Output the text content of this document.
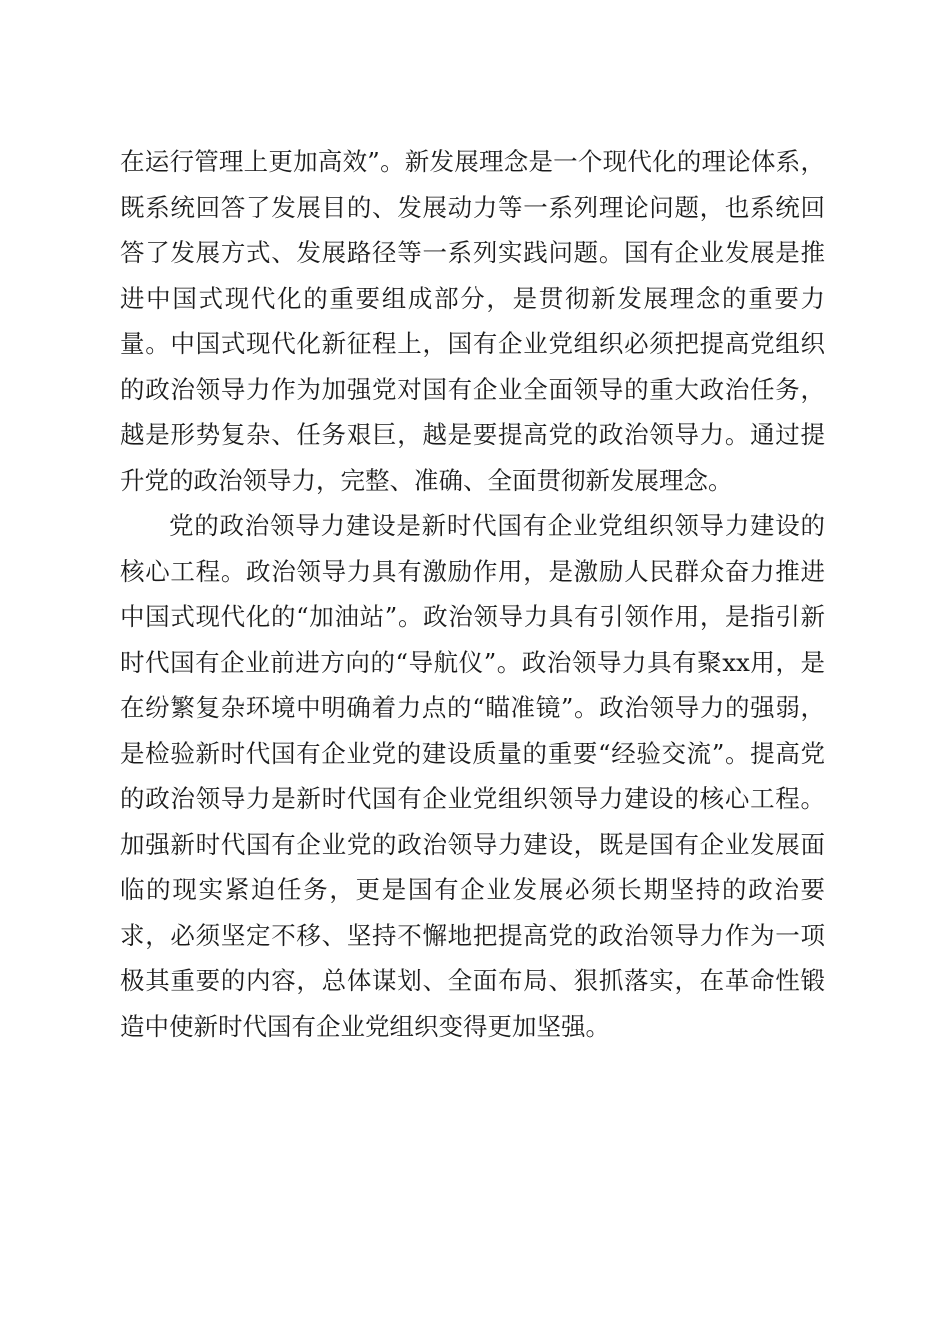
在运行管理上更加高效”。新发展理念是一个现代化的理论体系，既系统回答了发展目的、发展动力等一系列理论问题，也系统回答了发展方式、发展路径等一系列实践问题。国有企业发展是推进中国式现代化的重要组成部分，是贯彻新发展理念的重要力量。中国式现代化新征程上，国有企业党组织必须把提高党组织的政治领导力作为加强党对国有企业全面领导的重大政治任务，越是形势复杂、任务艰巨，越是要提高党的政治领导力。通过提升党的政治领导力，完整、准确、全面贯彻新发展理念。

党的政治领导力建设是新时代国有企业党组织领导力建设的核心工程。政治领导力具有激励作用，是激励人民群众奋力推进中国式现代化的“加油站”。政治领导力具有引领作用，是指引新时代国有企业前进方向的“导航仪”。政治领导力具有聚xx用，是在纷繁复杂环境中明确着力点的“瞄准镜”。政治领导力的强弱，是检验新时代国有企业党的建设质量的重要“经验交流”。提高党的政治领导力是新时代国有企业党组织领导力建设的核心工程。加强新时代国有企业党的政治领导力建设，既是国有企业发展面临的现实紧迫任务，更是国有企业发展必须长期坚持的政治要求，必须坚定不移、坚持不懈地把提高党的政治领导力作为一项极其重要的内容，总体谋划、全面布局、狠抓落实，在革命性锻造中使新时代国有企业党组织变得更加坚强。
